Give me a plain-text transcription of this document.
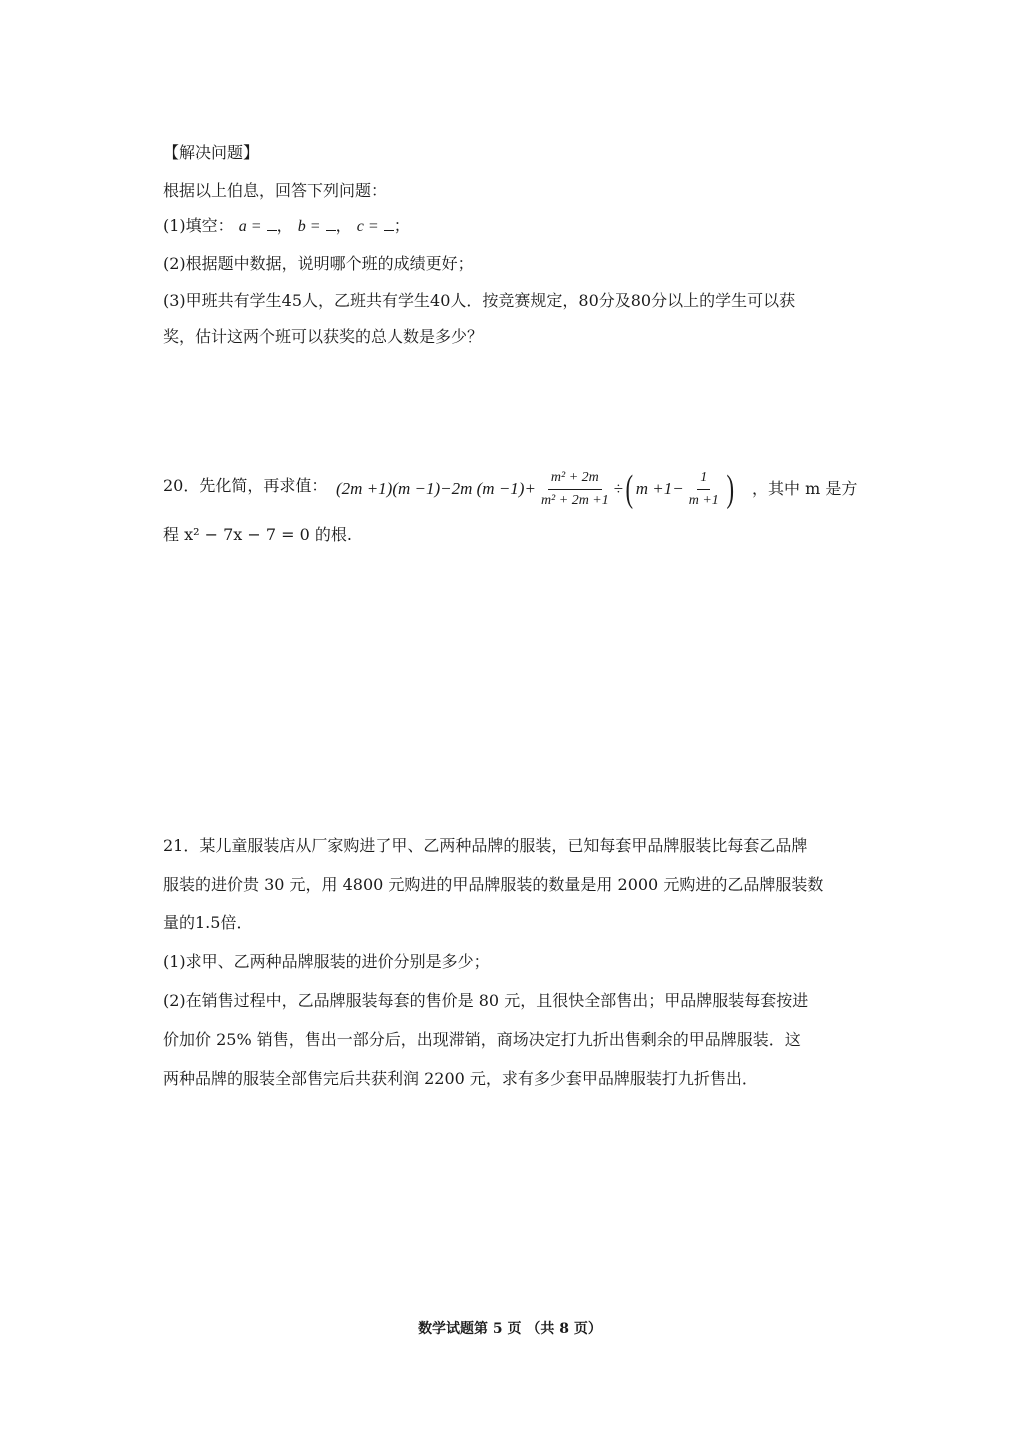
【解决问题】
根据以上伯息，回答下列问题：
(1)填空： a = ， b = ， c = ；
(2)根据题中数据，说明哪个班的成绩更好；
(3)甲班共有学生45人，乙班共有学生40人．按竞赛规定，80分及80分以上的学生可以获
奖，估计这两个班可以获奖的总人数是多少？
20．先化简，再求值： (2m +1)(m −1)−2m $(m -1)+ \frac{\text{m² + 2m}}{\text{m² + 2m +1}}$ ÷ ( $m +1- \frac{1}{m +1}$ ) ，其中 m 是方
程 x² − 7x − 7 = 0 的根.
21．某儿童服装店从厂家购进了甲、乙两种品牌的服装，已知每套甲品牌服装比每套乙品牌
服装的进价贵 30 元，用 4800 元购进的甲品牌服装的数量是用 2000 元购进的乙品牌服装数
量的1.5倍．
(1)求甲、乙两种品牌服装的进价分别是多少；
(2)在销售过程中，乙品牌服装每套的售价是 80 元，且很快全部售出；甲品牌服装每套按进
价加价 25% 销售，售出一部分后，出现滞销，商场决定打九折出售剩余的甲品牌服装．这
两种品牌的服装全部售完后共获利润 2200 元，求有多少套甲品牌服装打九折售出．
数学试题第 5 页 （共 8 页）
